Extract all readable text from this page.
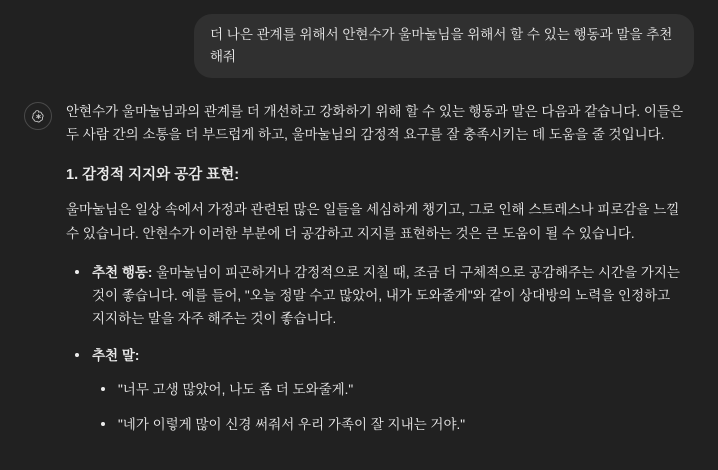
더 나은 관계를 위해서 안현수가 울마눌님을 위해서 할 수 있는 행동과 말을 추천해줘

안현수가 울마눌님과의 관계를 더 개선하고 강화하기 위해 할 수 있는 행동과 말은 다음과 같습니다. 이들은 두 사람 간의 소통을 더 부드럽게 하고, 울마눌님의 감정적 요구를 잘 충족시키는 데 도움을 줄 것입니다.

1. 감정적 지지와 공감 표현:

울마눌님은 일상 속에서 가정과 관련된 많은 일들을 세심하게 챙기고, 그로 인해 스트레스나 피로감을 느낄 수 있습니다. 안현수가 이러한 부분에 더 공감하고 지지를 표현하는 것은 큰 도움이 될 수 있습니다.

추천 행동: 울마눌님이 피곤하거나 감정적으로 지칠 때, 조금 더 구체적으로 공감해주는 시간을 가지는 것이 좋습니다. 예를 들어, "오늘 정말 수고 많았어, 내가 도와줄게"와 같이 상대방의 노력을 인정하고 지지하는 말을 자주 해주는 것이 좋습니다.
추천 말:
"너무 고생 많았어, 나도 좀 더 도와줄게."
"네가 이렇게 많이 신경 써줘서 우리 가족이 잘 지내는 거야."
